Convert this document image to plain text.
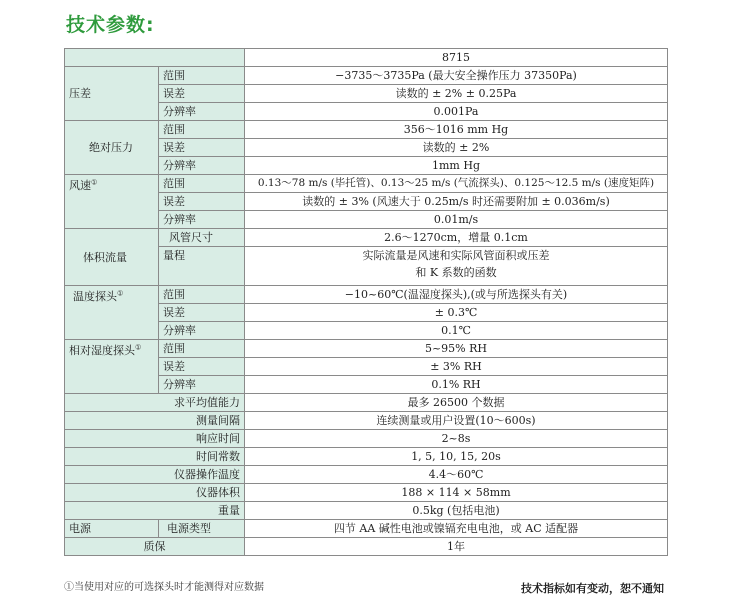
技术参数:
		8715
压差	范围	−3735～3735Pa (最大安全操作压力 37350Pa)
	误差	读数的 ± 2% ± 0.25Pa
	分辨率	0.001Pa
绝对压力	范围	356～1016 mm Hg
	误差	读数的 ± 2%
	分辨率	1mm Hg
风速①	范围	0.13～78 m/s (毕托管)、0.13～25 m/s (气流探头)、0.125～12.5 m/s (速度矩阵)
	误差	读数的 ± 3% (风速大于 0.25m/s 时还需要附加 ± 0.036m/s)
	分辨率	0.01m/s
体积流量	风管尺寸	2.6～1270cm，增量 0.1cm
	量程	实际流量是风速和实际风管面积或压差
和 K 系数的函数

温度探头①	范围	−10~60℃(温湿度探头),(或与所选探头有关)
	误差	± 0.3℃
	分辨率	0.1℃
相对湿度探头①	范围	5~95% RH
	误差	± 3% RH
	分辨率	0.1% RH
求平均值能力		最多 26500 个数据
测量间隔		连续测量或用户设置(10～600s)
响应时间		2~8s
时间常数		1, 5, 10, 15, 20s
仪器操作温度		4.4～60℃
仪器体积		188 × 114 × 58mm
重量		0.5kg (包括电池)
电源	电源类型	四节 AA 碱性电池或镍镉充电电池，或 AC 适配器
质保		1年
①当使用对应的可选探头时才能测得对应数据	技术指标如有变动，恕不通知
